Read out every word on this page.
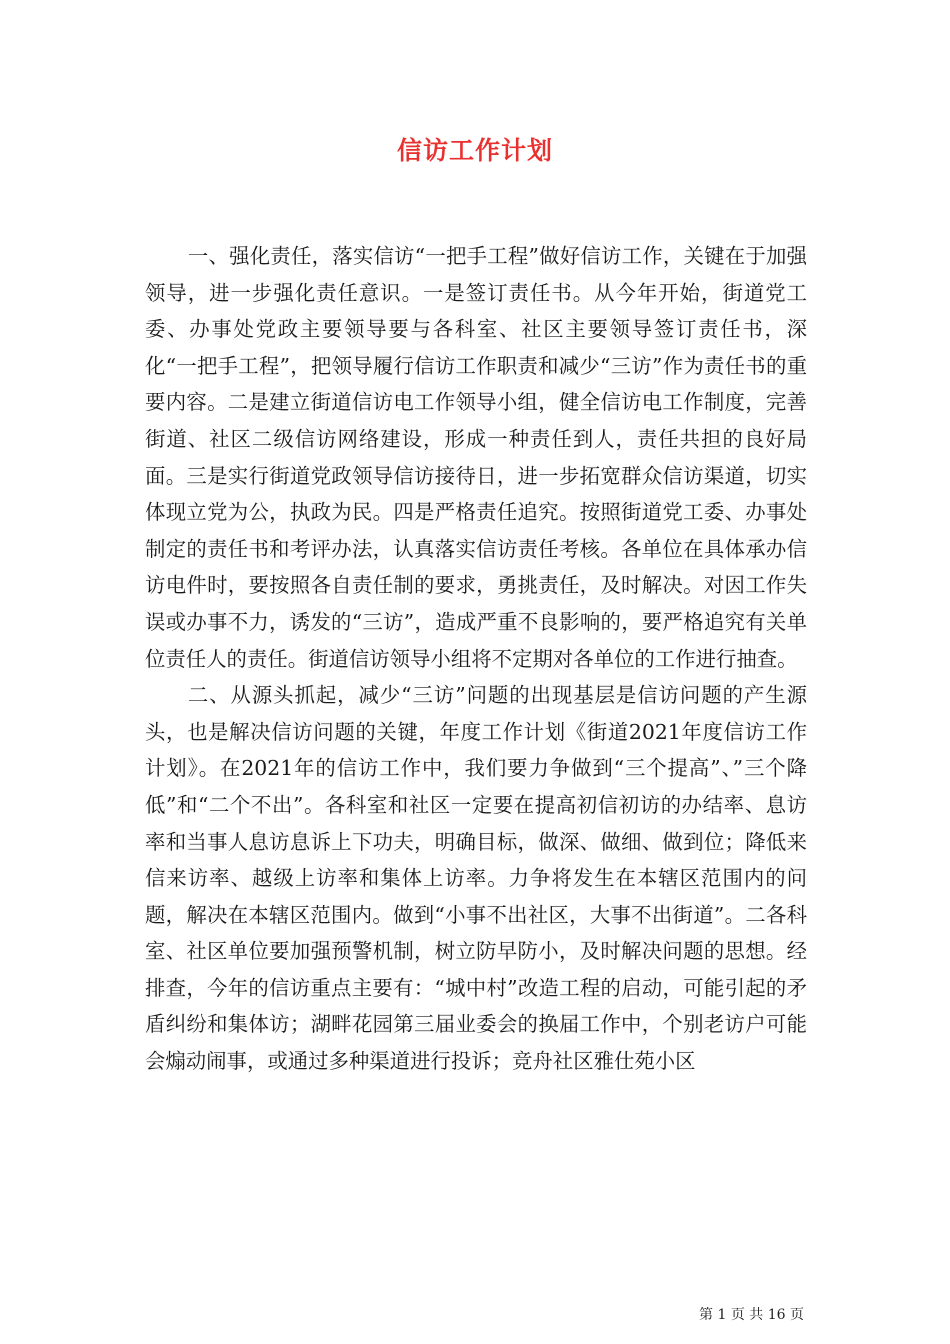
信访工作计划

一、强化责任，落实信访“一把手工程”做好信访工作，关键在于加强领导，进一步强化责任意识。一是签订责任书。从今年开始，街道党工委、办事处党政主要领导要与各科室、社区主要领导签订责任书，深化“一把手工程”，把领导履行信访工作职责和减少“三访”作为责任书的重要内容。二是建立街道信访电工作领导小组，健全信访电工作制度，完善街道、社区二级信访网络建设，形成一种责任到人，责任共担的良好局面。三是实行街道党政领导信访接待日，进一步拓宽群众信访渠道，切实体现立党为公，执政为民。四是严格责任追究。按照街道党工委、办事处制定的责任书和考评办法，认真落实信访责任考核。各单位在具体承办信访电件时，要按照各自责任制的要求，勇挑责任，及时解决。对因工作失误或办事不力，诱发的“三访”，造成严重不良影响的，要严格追究有关单位责任人的责任。街道信访领导小组将不定期对各单位的工作进行抽查。

二、从源头抓起，减少“三访”问题的出现基层是信访问题的产生源头，也是解决信访问题的关键，年度工作计划《街道2021年度信访工作计划》。在2021年的信访工作中，我们要力争做到“三个提高”、”三个降低”和“二个不出”。各科室和社区一定要在提高初信初访的办结率、息访率和当事人息访息诉上下功夫，明确目标，做深、做细、做到位；降低来信来访率、越级上访率和集体上访率。力争将发生在本辖区范围内的问题，解决在本辖区范围内。做到“小事不出社区，大事不出街道”。二各科室、社区单位要加强预警机制，树立防早防小，及时解决问题的思想。经排查，今年的信访重点主要有：“城中村”改造工程的启动，可能引起的矛盾纠纷和集体访；湖畔花园第三届业委会的换届工作中，个别老访户可能会煽动闹事，或通过多种渠道进行投诉；竞舟社区雅仕苑小区

第 1 页 共 16 页
